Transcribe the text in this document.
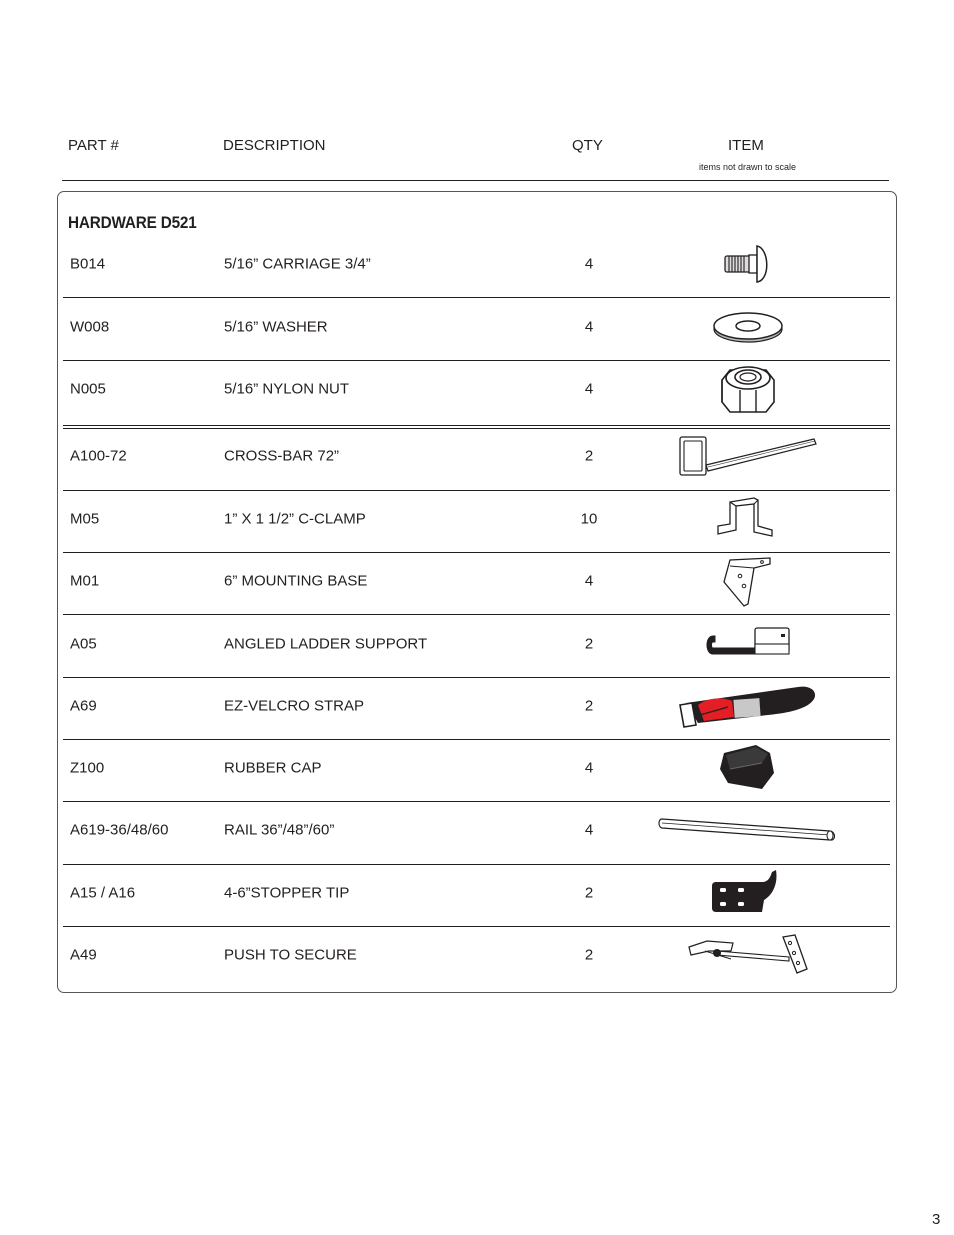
PART #	DESCRIPTION	QTY	ITEM
items not drawn to scale
HARDWARE D521
B014	5/16” CARRIAGE 3/4”	4
W008	5/16” WASHER	4
N005	5/16” NYLON NUT	4
A100-72	CROSS-BAR 72”	2
M05	1” X 1 1/2” C-CLAMP	10
M01	6” MOUNTING BASE	4
A05	ANGLED LADDER SUPPORT	2
A69	EZ-VELCRO STRAP	2
Z100	RUBBER CAP	4
A619-36/48/60	RAIL 36”/48”/60”	4
A15 / A16	4-6”STOPPER TIP	2
A49	PUSH TO SECURE	2
3
